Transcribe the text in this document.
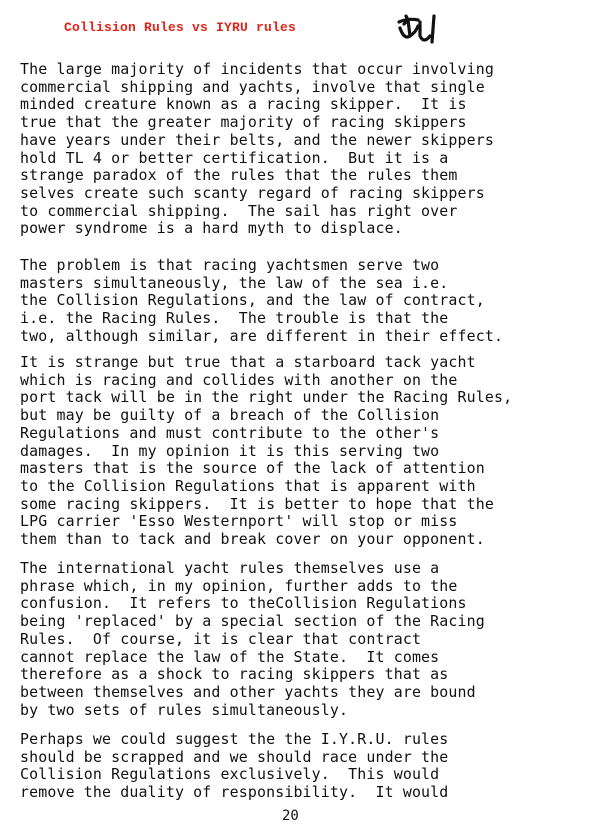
Collision Rules vs IYRU rules
The large majority of incidents that occur involving
commercial shipping and yachts, involve that single
minded creature known as a racing skipper.  It is
true that the greater majority of racing skippers
have years under their belts, and the newer skippers
hold TL 4 or better certification.  But it is a
strange paradox of the rules that the rules them
selves create such scanty regard of racing skippers
to commercial shipping.  The sail has right over
power syndrome is a hard myth to displace.
The problem is that racing yachtsmen serve two
masters simultaneously, the law of the sea i.e.
the Collision Regulations, and the law of contract,
i.e. the Racing Rules.  The trouble is that the
two, although similar, are different in their effect.
It is strange but true that a starboard tack yacht
which is racing and collides with another on the
port tack will be in the right under the Racing Rules,
but may be guilty of a breach of the Collision
Regulations and must contribute to the other's
damages.  In my opinion it is this serving two
masters that is the source of the lack of attention
to the Collision Regulations that is apparent with
some racing skippers.  It is better to hope that the
LPG carrier 'Esso Westernport' will stop or miss
them than to tack and break cover on your opponent.
The international yacht rules themselves use a
phrase which, in my opinion, further adds to the
confusion.  It refers to theCollision Regulations
being 'replaced' by a special section of the Racing
Rules.  Of course, it is clear that contract
cannot replace the law of the State.  It comes
therefore as a shock to racing skippers that as
between themselves and other yachts they are bound
by two sets of rules simultaneously.
Perhaps we could suggest the the I.Y.R.U. rules
should be scrapped and we should race under the
Collision Regulations exclusively.  This would
remove the duality of responsibility.  It would
20
